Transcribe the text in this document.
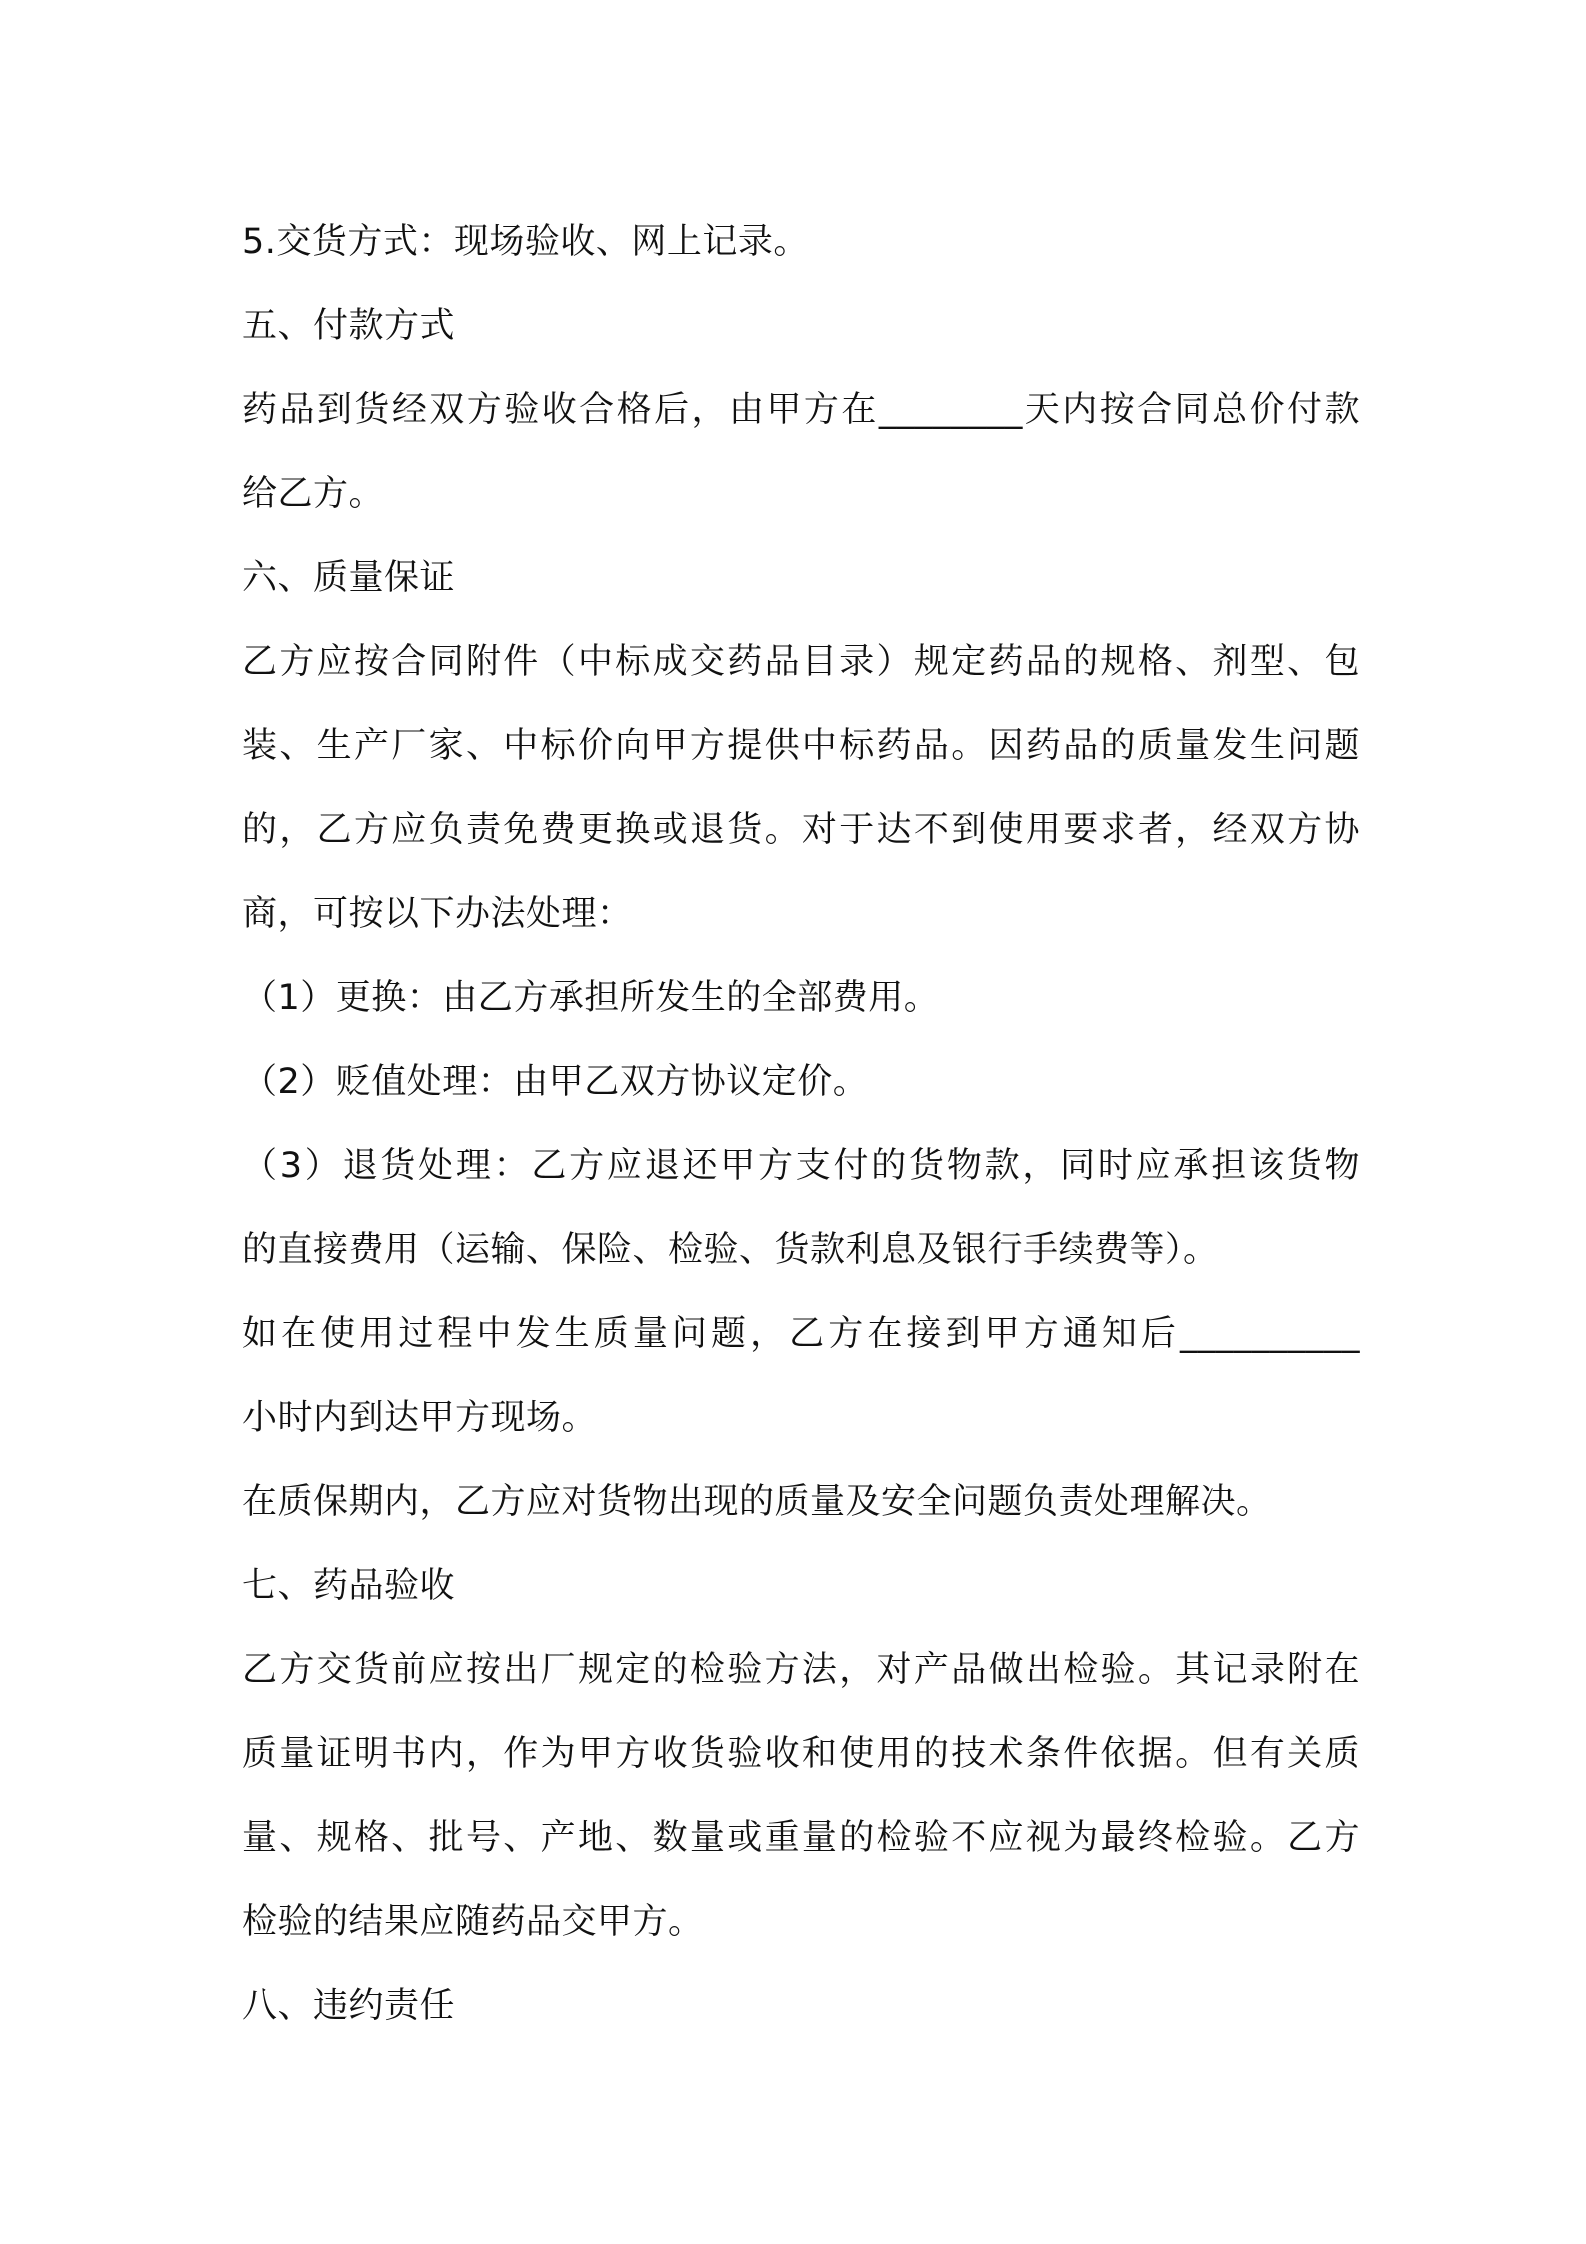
5.交货方式：现场验收、网上记录。
五、付款方式
药品到货经双方验收合格后，由甲方在________天内按合同总价付款
给乙方。
六、质量保证
乙方应按合同附件（中标成交药品目录）规定药品的规格、剂型、包
装、生产厂家、中标价向甲方提供中标药品。因药品的质量发生问题
的，乙方应负责免费更换或退货。对于达不到使用要求者，经双方协
商，可按以下办法处理：
（1）更换：由乙方承担所发生的全部费用。
（2）贬值处理：由甲乙双方协议定价。
（3）退货处理：乙方应退还甲方支付的货物款，同时应承担该货物
的直接费用（运输、保险、检验、货款利息及银行手续费等）。
如在使用过程中发生质量问题，乙方在接到甲方通知后__________
小时内到达甲方现场。
在质保期内，乙方应对货物出现的质量及安全问题负责处理解决。
七、药品验收
乙方交货前应按出厂规定的检验方法，对产品做出检验。其记录附在
质量证明书内，作为甲方收货验收和使用的技术条件依据。但有关质
量、规格、批号、产地、数量或重量的检验不应视为最终检验。乙方
检验的结果应随药品交甲方。
八、违约责任
